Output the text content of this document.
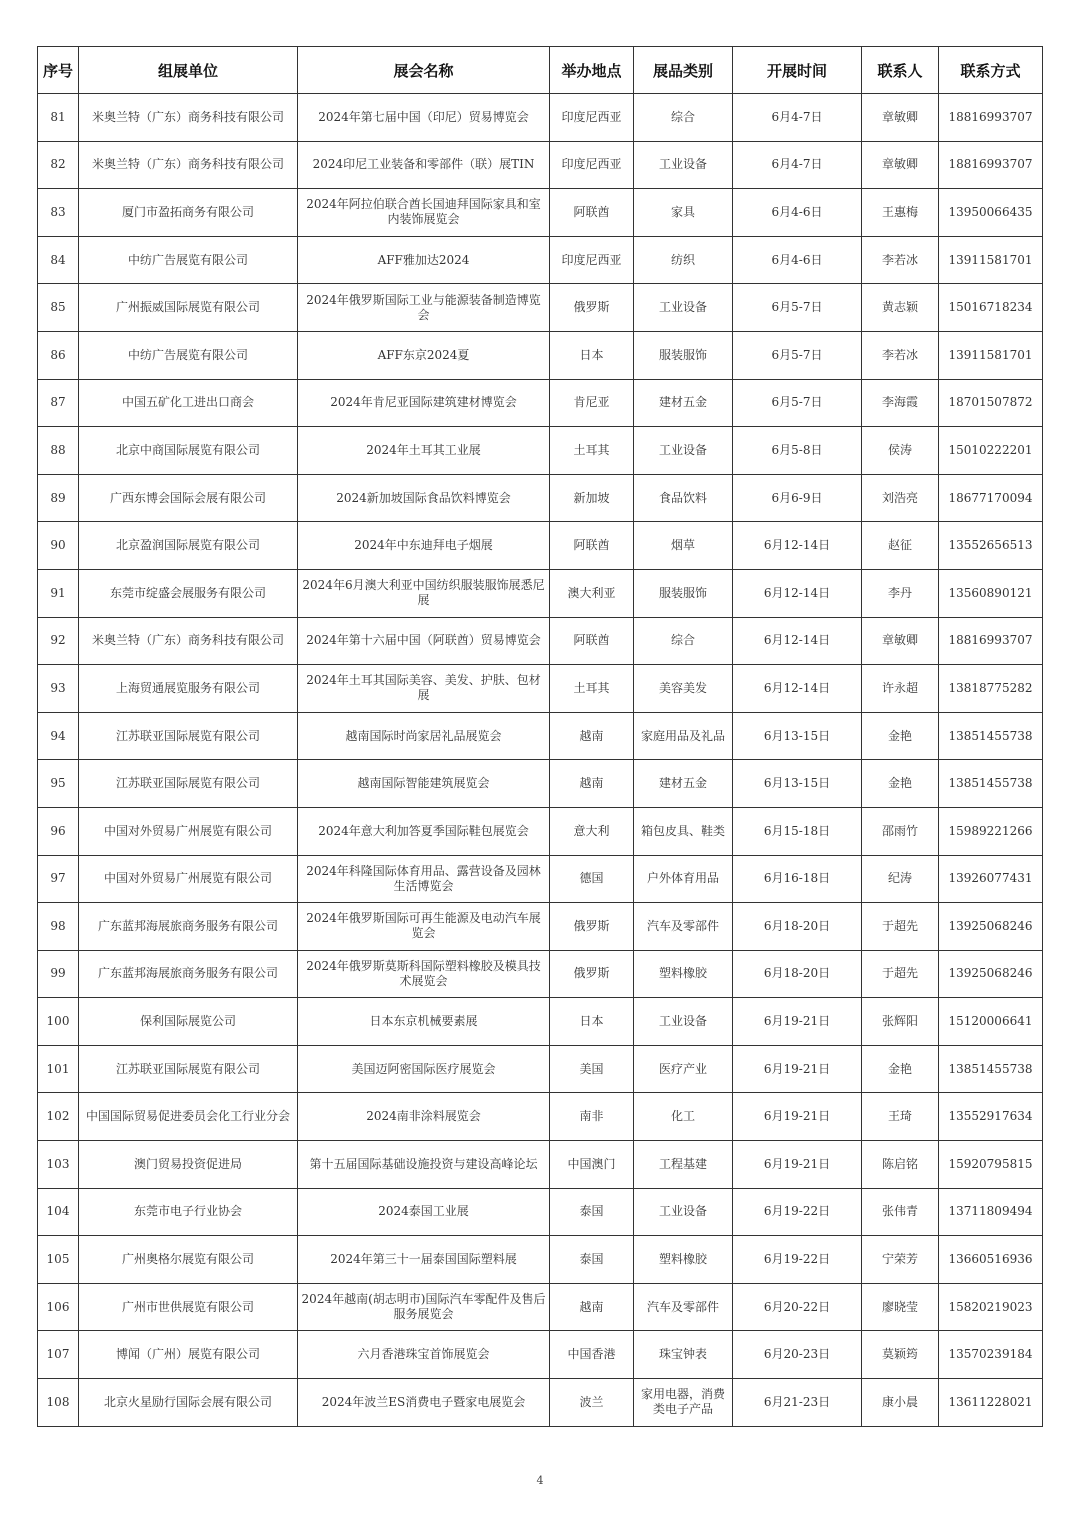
序号	组展单位	展会名称	举办地点	展品类别	开展时间	联系人	联系方式
81	米奥兰特（广东）商务科技有限公司	2024年第七届中国（印尼）贸易博览会	印度尼西亚	综合	6月4-7日	章敏卿	18816993707
82	米奥兰特（广东）商务科技有限公司	2024印尼工业装备和零部件（联）展TIN	印度尼西亚	工业设备	6月4-7日	章敏卿	18816993707
83	厦门市盈拓商务有限公司	2024年阿拉伯联合酋长国迪拜国际家具和室内装饰展览会	阿联酋	家具	6月4-6日	王惠梅	13950066435
84	中纺广告展览有限公司	AFF雅加达2024	印度尼西亚	纺织	6月4-6日	李若冰	13911581701
85	广州振威国际展览有限公司	2024年俄罗斯国际工业与能源装备制造博览会	俄罗斯	工业设备	6月5-7日	黄志颖	15016718234
86	中纺广告展览有限公司	AFF东京2024夏	日本	服装服饰	6月5-7日	李若冰	13911581701
87	中国五矿化工进出口商会	2024年肯尼亚国际建筑建材博览会	肯尼亚	建材五金	6月5-7日	李海霞	18701507872
88	北京中商国际展览有限公司	2024年土耳其工业展	土耳其	工业设备	6月5-8日	侯涛	15010222201
89	广西东博会国际会展有限公司	2024新加坡国际食品饮料博览会	新加坡	食品饮料	6月6-9日	刘浩亮	18677170094
90	北京盈润国际展览有限公司	2024年中东迪拜电子烟展	阿联酋	烟草	6月12-14日	赵征	13552656513
91	东莞市绽盛会展服务有限公司	2024年6月澳大利亚中国纺织服装服饰展悉尼展	澳大利亚	服装服饰	6月12-14日	李丹	13560890121
92	米奥兰特（广东）商务科技有限公司	2024年第十六届中国（阿联酋）贸易博览会	阿联酋	综合	6月12-14日	章敏卿	18816993707
93	上海贸通展览服务有限公司	2024年土耳其国际美容、美发、护肤、包材展	土耳其	美容美发	6月12-14日	许永超	13818775282
94	江苏联亚国际展览有限公司	越南国际时尚家居礼品展览会	越南	家庭用品及礼品	6月13-15日	金艳	13851455738
95	江苏联亚国际展览有限公司	越南国际智能建筑展览会	越南	建材五金	6月13-15日	金艳	13851455738
96	中国对外贸易广州展览有限公司	2024年意大利加答夏季国际鞋包展览会	意大利	箱包皮具、鞋类	6月15-18日	邵雨竹	15989221266
97	中国对外贸易广州展览有限公司	2024年科隆国际体育用品、露营设备及园林生活博览会	德国	户外体育用品	6月16-18日	纪涛	13926077431
98	广东蓝邦海展旅商务服务有限公司	2024年俄罗斯国际可再生能源及电动汽车展览会	俄罗斯	汽车及零部件	6月18-20日	于超先	13925068246
99	广东蓝邦海展旅商务服务有限公司	2024年俄罗斯莫斯科国际塑料橡胶及模具技术展览会	俄罗斯	塑料橡胶	6月18-20日	于超先	13925068246
100	保利国际展览公司	日本东京机械要素展	日本	工业设备	6月19-21日	张辉阳	15120006641
101	江苏联亚国际展览有限公司	美国迈阿密国际医疗展览会	美国	医疗产业	6月19-21日	金艳	13851455738
102	中国国际贸易促进委员会化工行业分会	2024南非涂料展览会	南非	化工	6月19-21日	王琦	13552917634
103	澳门贸易投资促进局	第十五届国际基础设施投资与建设高峰论坛	中国澳门	工程基建	6月19-21日	陈启铭	15920795815
104	东莞市电子行业协会	2024泰国工业展	泰国	工业设备	6月19-22日	张伟青	13711809494
105	广州奥格尔展览有限公司	2024年第三十一届泰国国际塑料展	泰国	塑料橡胶	6月19-22日	宁荣芳	13660516936
106	广州市世供展览有限公司	2024年越南(胡志明市)国际汽车零配件及售后服务展览会	越南	汽车及零部件	6月20-22日	廖晓莹	15820219023
107	博闻（广州）展览有限公司	六月香港珠宝首饰展览会	中国香港	珠宝钟表	6月20-23日	莫颖筠	13570239184
108	北京火星励行国际会展有限公司	2024年波兰ES消费电子暨家电展览会	波兰	家用电器，消费类电子产品	6月21-23日	康小晨	13611228021
4
